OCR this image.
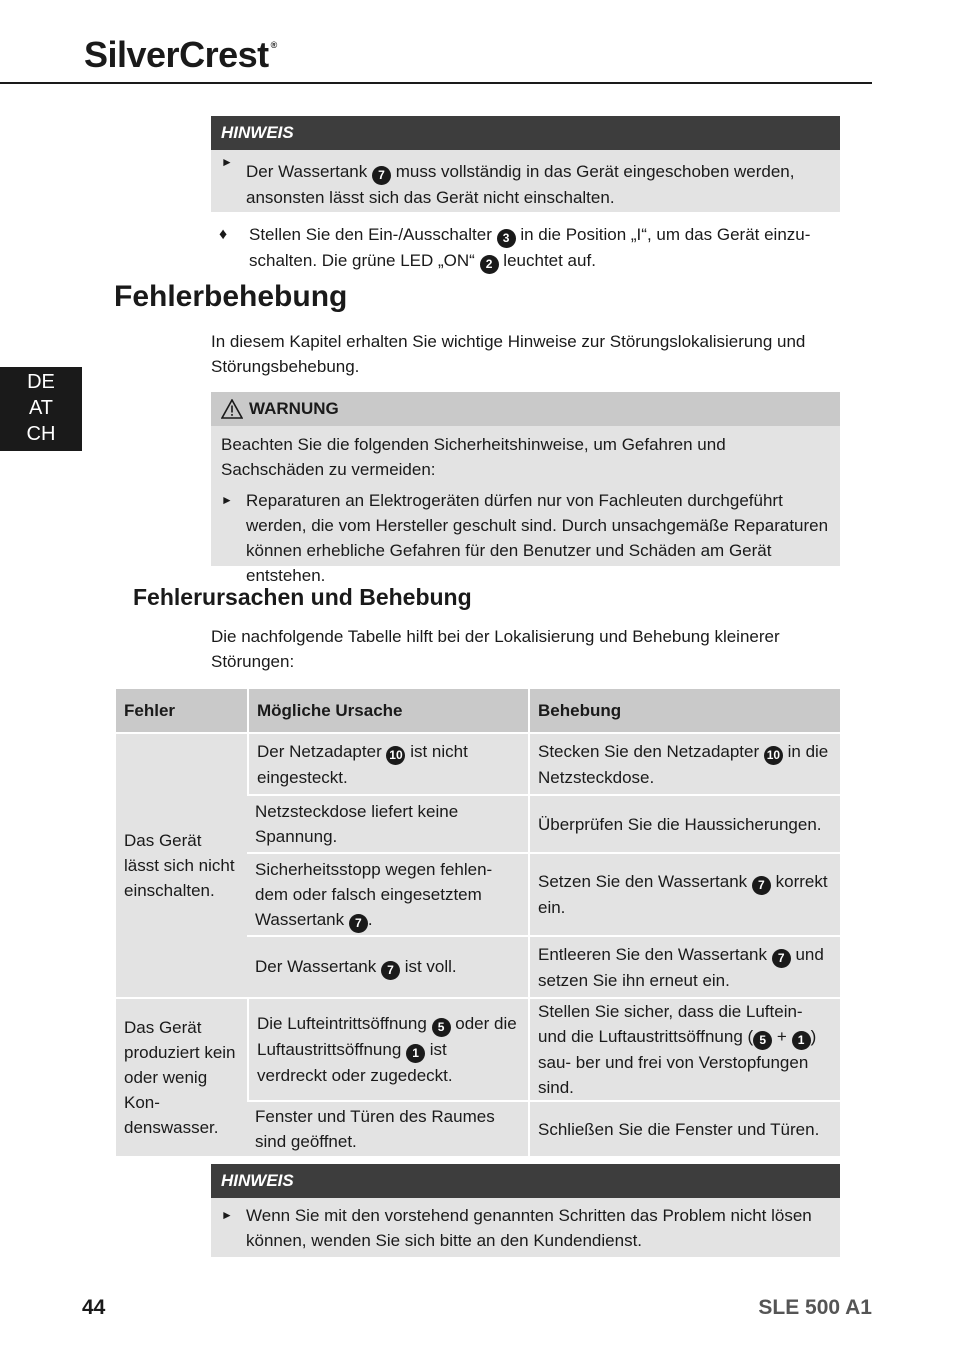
SilverCrest ®
DE
AT
CH
HINWEIS
► Der Wassertank 7 muss vollständig in das Gerät eingeschoben werden, ansonsten lässt sich das Gerät nicht einschalten.
♦ Stellen Sie den Ein-/Ausschalter 3 in die Position „I“, um das Gerät einzu- schalten. Die grüne LED „ON“ 2 leuchtet auf.
Fehlerbehebung
In diesem Kapitel erhalten Sie wichtige Hinweise zur Störungslokalisierung und Störungsbehebung.
WARNUNG
Beachten Sie die folgenden Sicherheitshinweise, um Gefahren und Sachschäden zu vermeiden:
► Reparaturen an Elektrogeräten dürfen nur von Fachleuten durchgeführt werden, die vom Hersteller geschult sind. Durch unsachgemäße Reparaturen können erhebliche Gefahren für den Benutzer und Schäden am Gerät entstehen.
Fehlerursachen und Behebung
Die nachfolgende Tabelle hilft bei der Lokalisierung und Behebung kleinerer Störungen:
Fehler	Mögliche Ursache	Behebung
Das Gerät lässt sich nicht einschalten.	Der Netzadapter 10 ist nicht eingesteckt.	Stecken Sie den Netzadapter 10 in die Netzsteckdose.
	Netzsteckdose liefert keine Spannung.	Überprüfen Sie die Haussicherungen.
	Sicherheitsstopp wegen fehlen- dem oder falsch eingesetztem Wassertank 7 .	Setzen Sie den Wassertank 7 korrekt ein.
	Der Wassertank 7 ist voll.	Entleeren Sie den Wassertank 7 und setzen Sie ihn erneut ein.
Das Gerät produziert kein oder wenig Kon- denswasser.	Die Lufteintrittsöffnung 5 oder die Luftaustrittsöffnung 1 ist verdreckt oder zugedeckt.	Stellen Sie sicher, dass die Luftein- und die Luftaustrittsöffnung ( 5 + 1 ) sau- ber und frei von Verstopfungen sind.
	Fenster und Türen des Raumes sind geöffnet.	Schließen Sie die Fenster und Türen.
HINWEIS
► Wenn Sie mit den vorstehend genannten Schritten das Problem nicht lösen können, wenden Sie sich bitte an den Kundendienst.
44	SLE 500 A1
